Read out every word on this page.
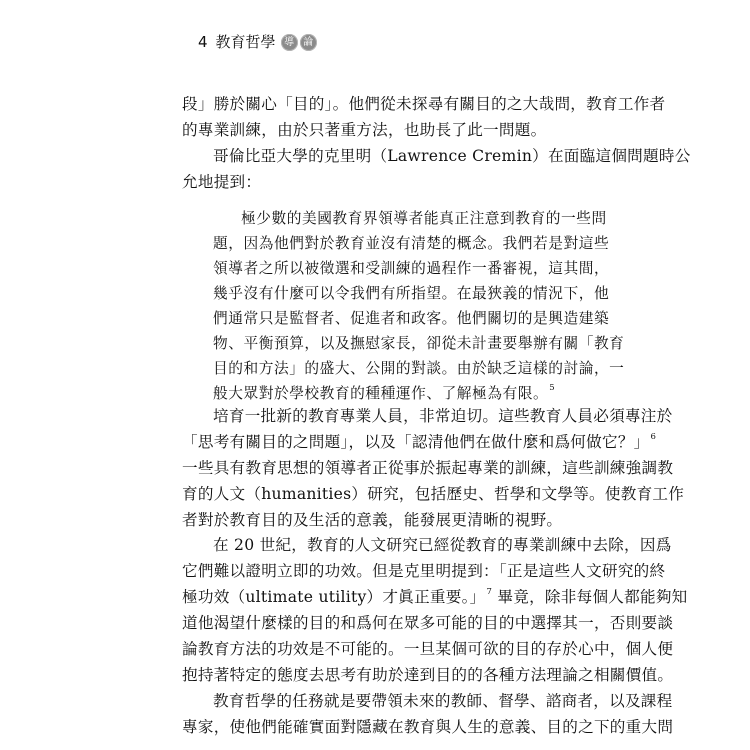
4 教育哲學 導 論
段」勝於關心「目的」。他們從未探尋有關目的之大哉問，教育工作者
的專業訓練，由於只著重方法，也助長了此一問題。
哥倫比亞大學的克里明（Lawrence Cremin）在面臨這個問題時公
允地提到：
極少數的美國教育界領導者能真正注意到教育的一些問
題，因為他們對於教育並沒有清楚的概念。我們若是對這些
領導者之所以被徵選和受訓練的過程作一番審視，這其間，
幾乎沒有什麼可以令我們有所指望。在最狹義的情況下，他
們通常只是監督者、促進者和政客。他們關切的是興造建築
物、平衡預算，以及撫慰家長，卻從未計畫要舉辦有關「教育
目的和方法」的盛大、公開的對談。由於缺乏這樣的討論，一
般大眾對於學校教育的種種運作、了解極為有限。$^5$
培育一批新的教育專業人員，非常迫切。這些教育人員必須專注於
「思考有關目的之問題」，以及「認清他們在做什麼和爲何做它？」$^6$
一些具有教育思想的領導者正從事於振起專業的訓練，這些訓練強調教
育的人文（humanities）研究，包括歷史、哲學和文學等。使教育工作
者對於教育目的及生活的意義，能發展更清晰的視野。
在 20 世紀，教育的人文研究已經從教育的專業訓練中去除，因爲
它們難以證明立即的功效。但是克里明提到：「正是這些人文研究的終
極功效（ultimate utility）才眞正重要。」$^7$ 畢竟，除非每個人都能夠知
道他渴望什麼樣的目的和爲何在眾多可能的目的中選擇其一，否則要談
論教育方法的功效是不可能的。一旦某個可欲的目的存於心中，個人便
抱持著特定的態度去思考有助於達到目的的各種方法理論之相關價值。
教育哲學的任務就是要帶領未來的教師、督學、諮商者，以及課程
專家，使他們能確實面對隱藏在教育與人生的意義、目的之下的重大問
